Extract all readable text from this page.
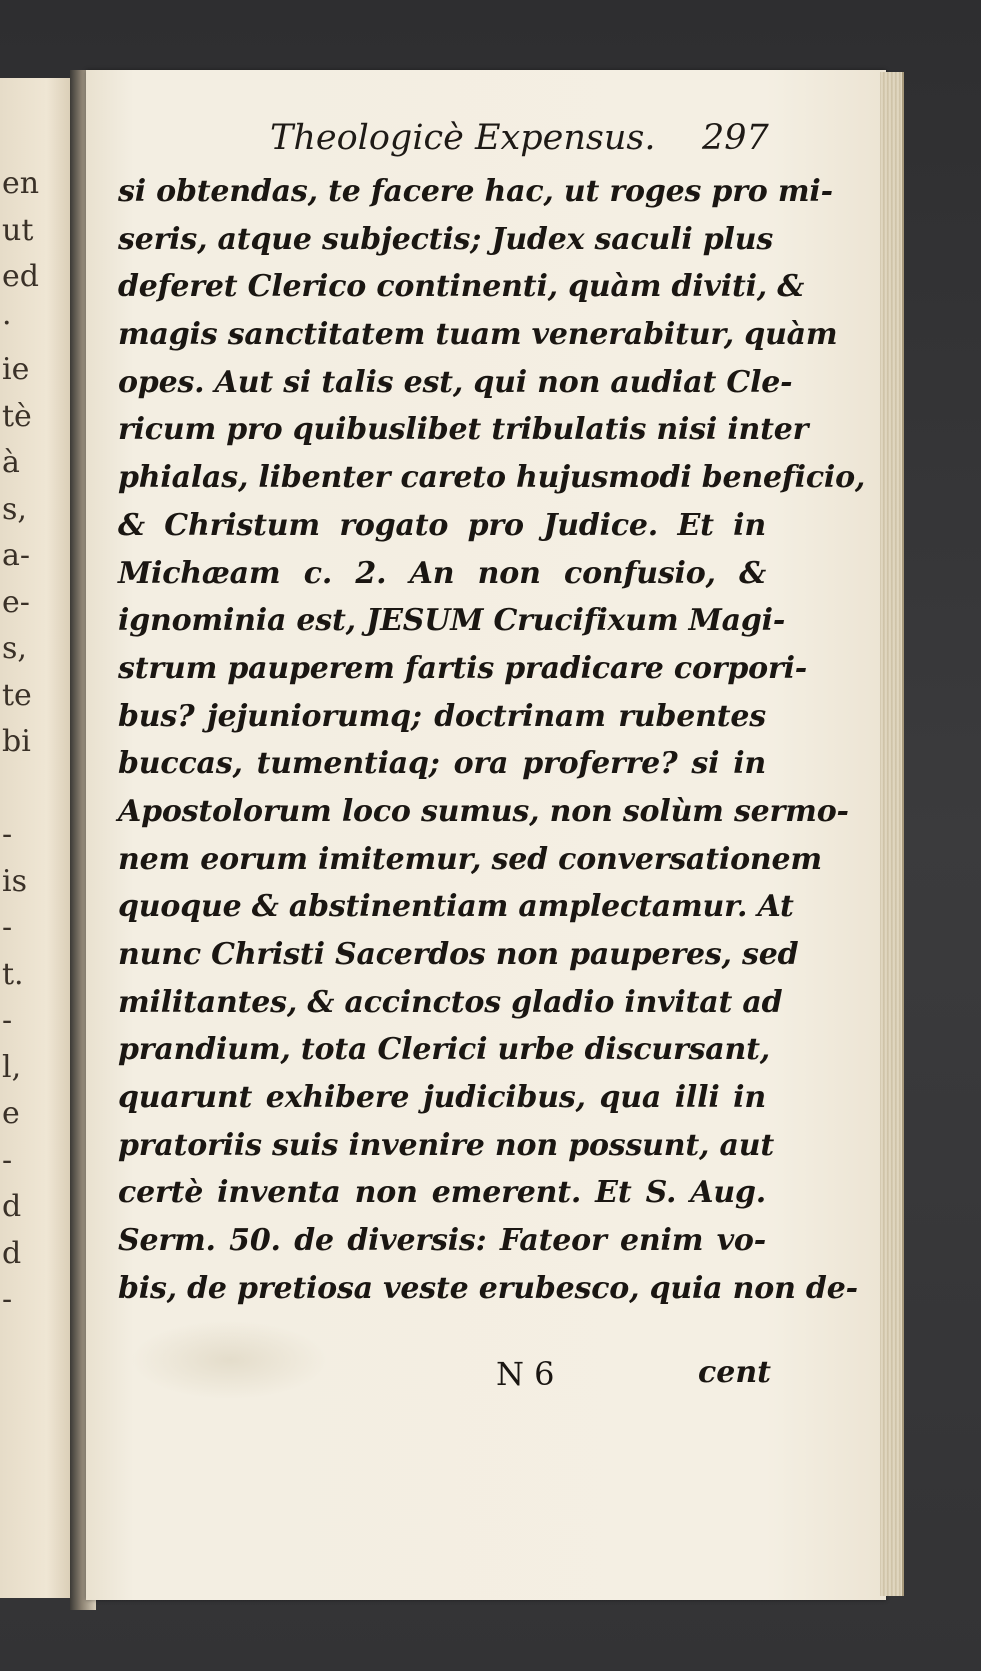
en
ut
ed
·
ie
tè
à
s,
a-
e-
s,
te
bi
-
is
-
t.
-
l,
e
-
d
d
-
Theologicè Expensus. 297
si obtendas, te facere hac, ut roges pro mi-
seris, atque subjectis; Judex saculi plus
deferet Clerico continenti, quàm diviti, &
magis sanctitatem tuam venerabitur, quàm
opes. Aut si talis est, qui non audiat Cle-
ricum pro quibuslibet tribulatis nisi inter
phialas, libenter careto hujusmodi beneficio,
& Christum rogato pro Judice. Et in
Michæam c. 2. An non confusio, &
ignominia est, JESUM Crucifixum Magi-
strum pauperem fartis pradicare corpori-
bus? jejuniorumq; doctrinam rubentes
buccas, tumentiaq; ora proferre? si in
Apostolorum loco sumus, non solùm sermo-
nem eorum imitemur, sed conversationem
quoque & abstinentiam amplectamur. At
nunc Christi Sacerdos non pauperes, sed
militantes, & accinctos gladio invitat ad
prandium, tota Clerici urbe discursant,
quarunt exhibere judicibus, qua illi in
pratoriis suis invenire non possunt, aut
certè inventa non emerent. Et S. Aug.
Serm. 50. de diversis: Fateor enim vo-
bis, de pretiosa veste erubesco, quia non de-
N 6	cent
